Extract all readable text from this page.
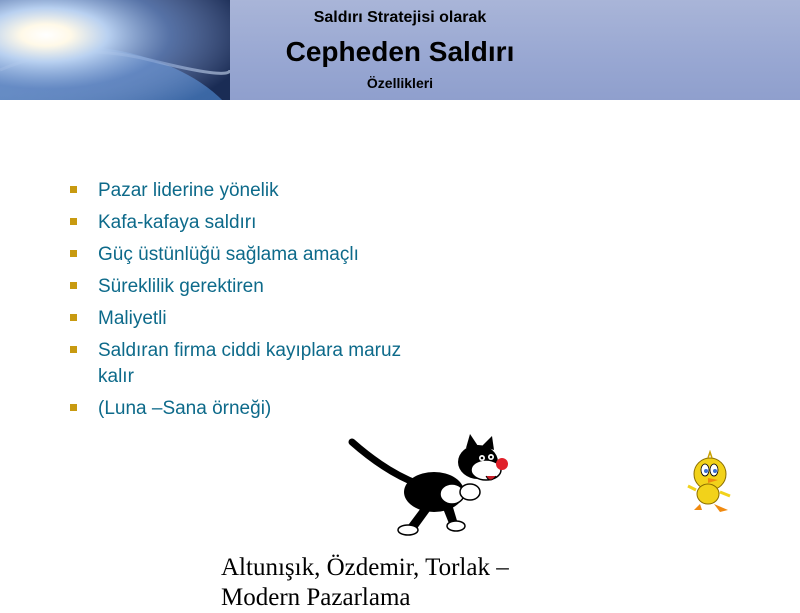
Saldırı Stratejisi olarak
Cepheden Saldırı
Özellikleri
Pazar liderine yönelik
Kafa-kafaya saldırı
Güç üstünlüğü sağlama amaçlı
Süreklilik gerektiren
Maliyetli
Saldıran firma ciddi kayıplara maruz kalır
(Luna –Sana örneği)
Altunışık, Özdemir, Torlak –
Modern Pazarlama
